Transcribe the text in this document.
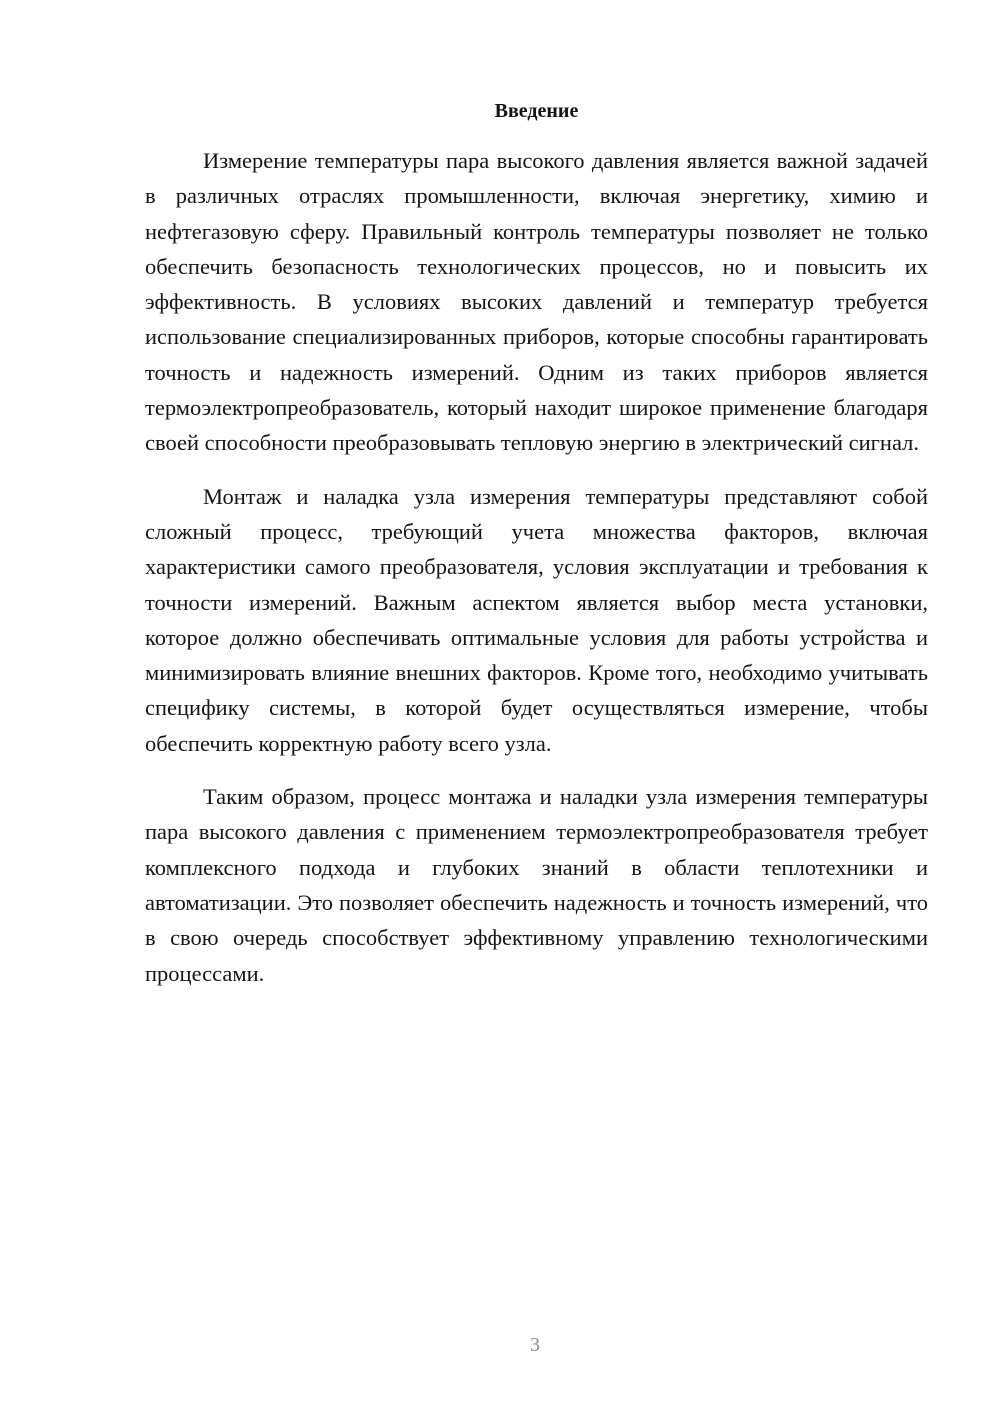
Введение

Измерение температуры пара высокого давления является важной задачей в различных отраслях промышленности, включая энергетику, химию и нефтегазовую сферу. Правильный контроль температуры позволяет не только обеспечить безопасность технологических процессов, но и повысить их эффективность. В условиях высоких давлений и температур требуется использование специализированных приборов, которые способны гарантировать точность и надежность измерений. Одним из таких приборов является термоэлектропреобразователь, который находит широкое применение благодаря своей способности преобразовывать тепловую энергию в электрический сигнал.

Монтаж и наладка узла измерения температуры представляют собой сложный процесс, требующий учета множества факторов, включая характеристики самого преобразователя, условия эксплуатации и требования к точности измерений. Важным аспектом является выбор места установки, которое должно обеспечивать оптимальные условия для работы устройства и минимизировать влияние внешних факторов. Кроме того, необходимо учитывать специфику системы, в которой будет осуществляться измерение, чтобы обеспечить корректную работу всего узла.

Таким образом, процесс монтажа и наладки узла измерения температуры пара высокого давления с применением термоэлектропреобразователя требует комплексного подхода и глубоких знаний в области теплотехники и автоматизации. Это позволяет обеспечить надежность и точность измерений, что в свою очередь способствует эффективному управлению технологическими процессами.

3
